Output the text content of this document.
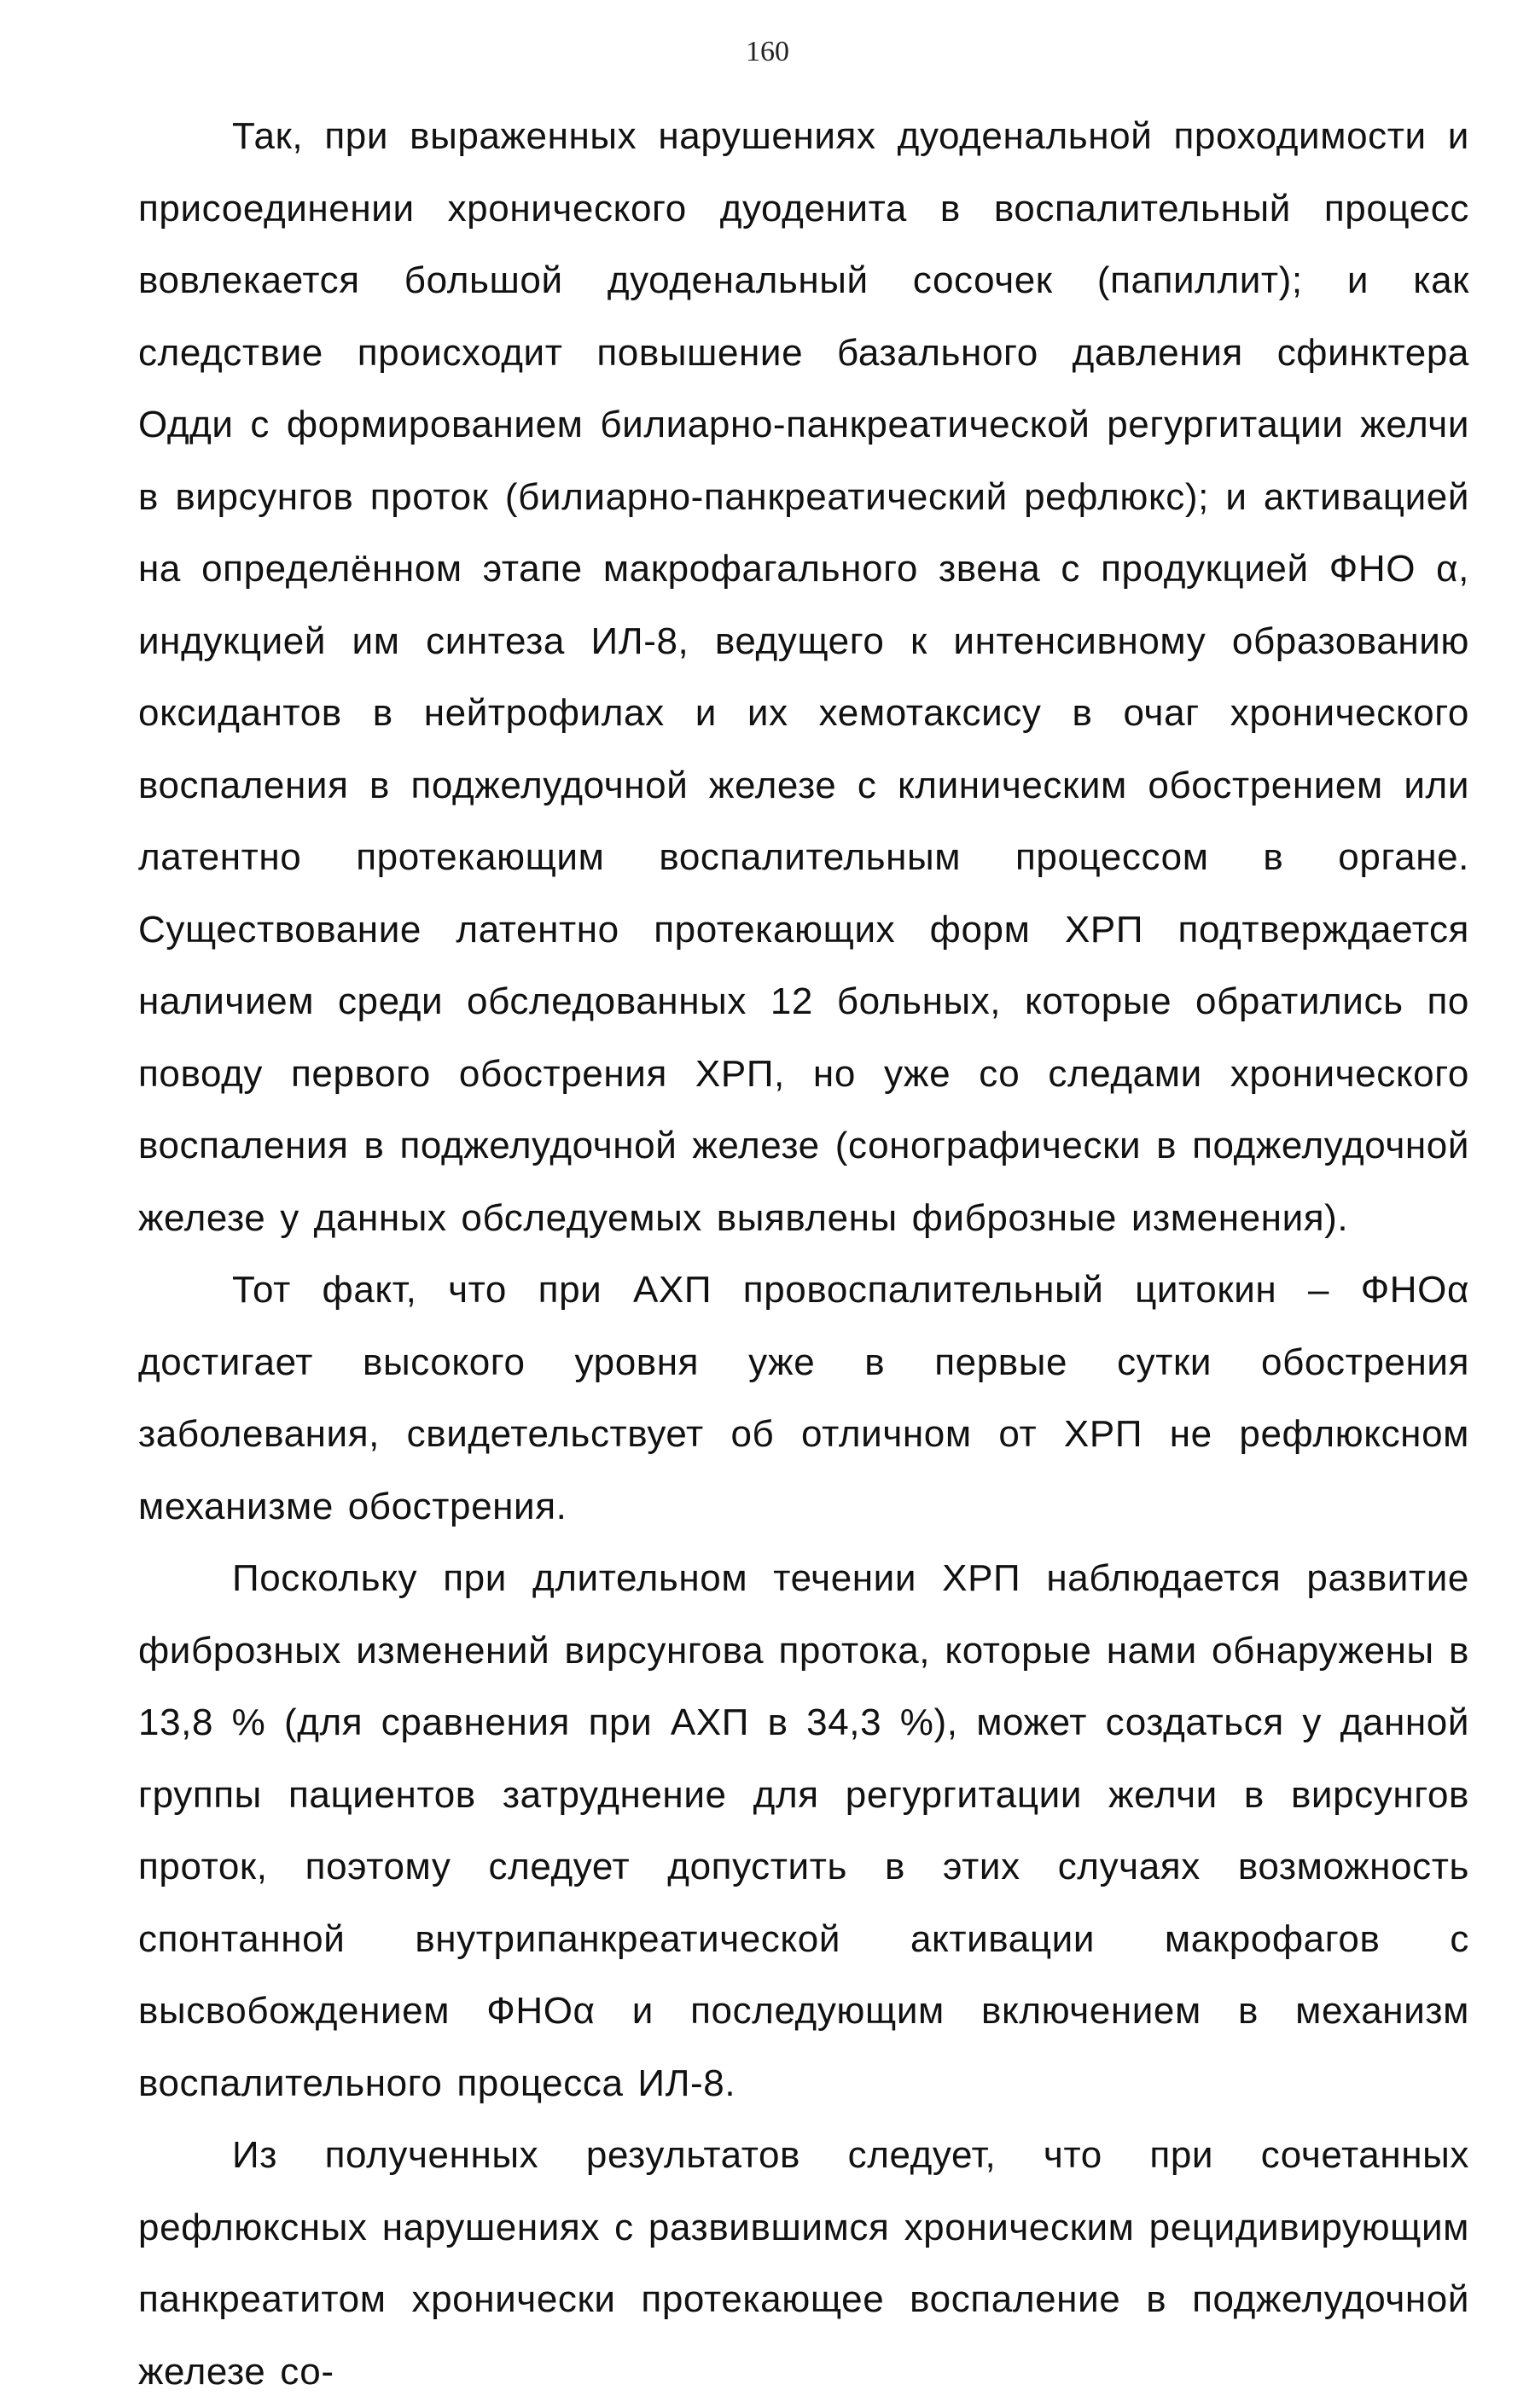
160

Так, при выраженных нарушениях дуоденальной проходимости и присоединении хронического дуоденита в воспалительный процесс вовлекается большой дуоденальный сосочек (папиллит); и как следствие происходит повышение базального давления сфинктера Одди с формированием билиарно-панкреатической регургитации желчи в вирсунгов проток (билиарно-панкреатический рефлюкс); и активацией на определённом этапе макрофагального звена с продукцией ФНО α, индукцией им синтеза ИЛ-8, ведущего к интенсивному образованию оксидантов в нейтрофилах и их хемотаксису в очаг хронического воспаления в поджелудочной железе с клиническим обострением или латентно протекающим воспалительным процессом в органе. Существование латентно протекающих форм ХРП подтверждается наличием среди обследованных 12 больных, которые обратились по поводу первого обострения ХРП, но уже со следами хронического воспаления в поджелудочной железе (сонографически в поджелудочной железе у данных обследуемых выявлены фиброзные изменения).

Тот факт, что при АХП провоспалительный цитокин – ФНОα достигает высокого уровня уже в первые сутки обострения заболевания, свидетельствует об отличном от ХРП не рефлюксном механизме обострения.

Поскольку при длительном течении ХРП наблюдается развитие фиброзных изменений вирсунгова протока, которые нами обнаружены в 13,8 % (для сравнения при АХП в 34,3 %), может создаться у данной группы пациентов затруднение для регургитации желчи в вирсунгов проток, поэтому следует допустить в этих случаях возможность спонтанной внутрипанкреатической активации макрофагов с высвобождением ФНОα и последующим включением в механизм воспалительного процесса ИЛ-8.

Из полученных результатов следует, что при сочетанных рефлюксных нарушениях с развившимся хроническим рецидивирующим панкреатитом хронически протекающее воспаление в поджелудочной железе со-
